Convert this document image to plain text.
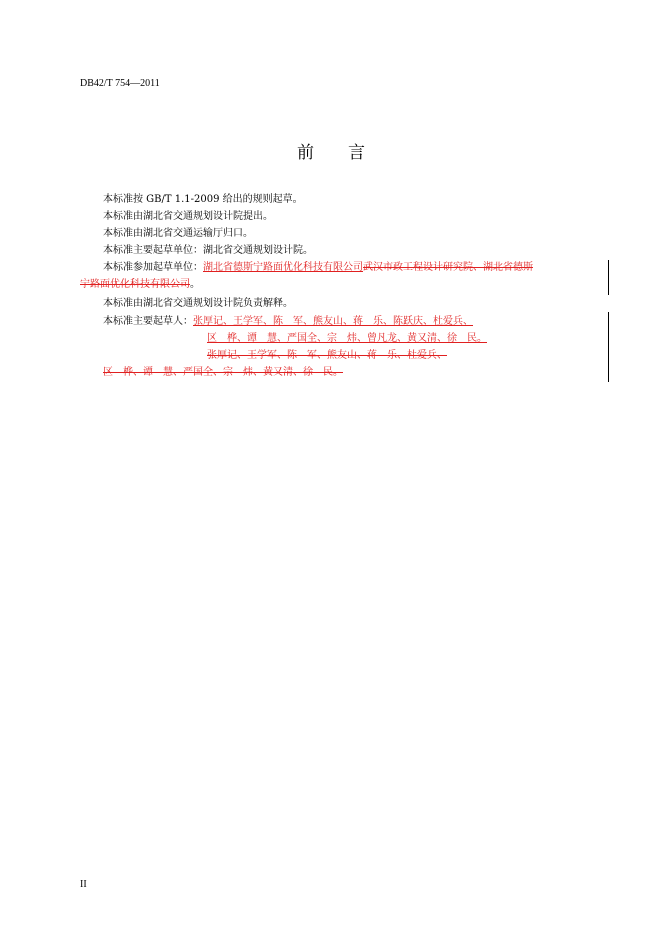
DB42/T 754—2011
前言
本标准按 GB/T 1.1-2009 给出的规则起草。
本标准由湖北省交通规划设计院提出。
本标准由湖北省交通运输厅归口。
本标准主要起草单位：湖北省交通规划设计院。
本标准参加起草单位：湖北省德斯宁路面优化科技有限公司武汉市政工程设计研究院、湖北省德斯
宁路面优化科技有限公司。
本标准由湖北省交通规划设计院负责解释。
本标准主要起草人：张厚记、王学军、陈　军、熊友山、蒋　乐、陈跃庆、杜爱兵、
区　桦、谭　慧、严国全、宗　炜、曾凡龙、黄又清、徐　民。
张厚记、王学军、陈　军、熊友山、蒋　乐、杜爱兵、
区　桦、谭　慧、严国全、宗　炜、黄又清、徐　民。
II
